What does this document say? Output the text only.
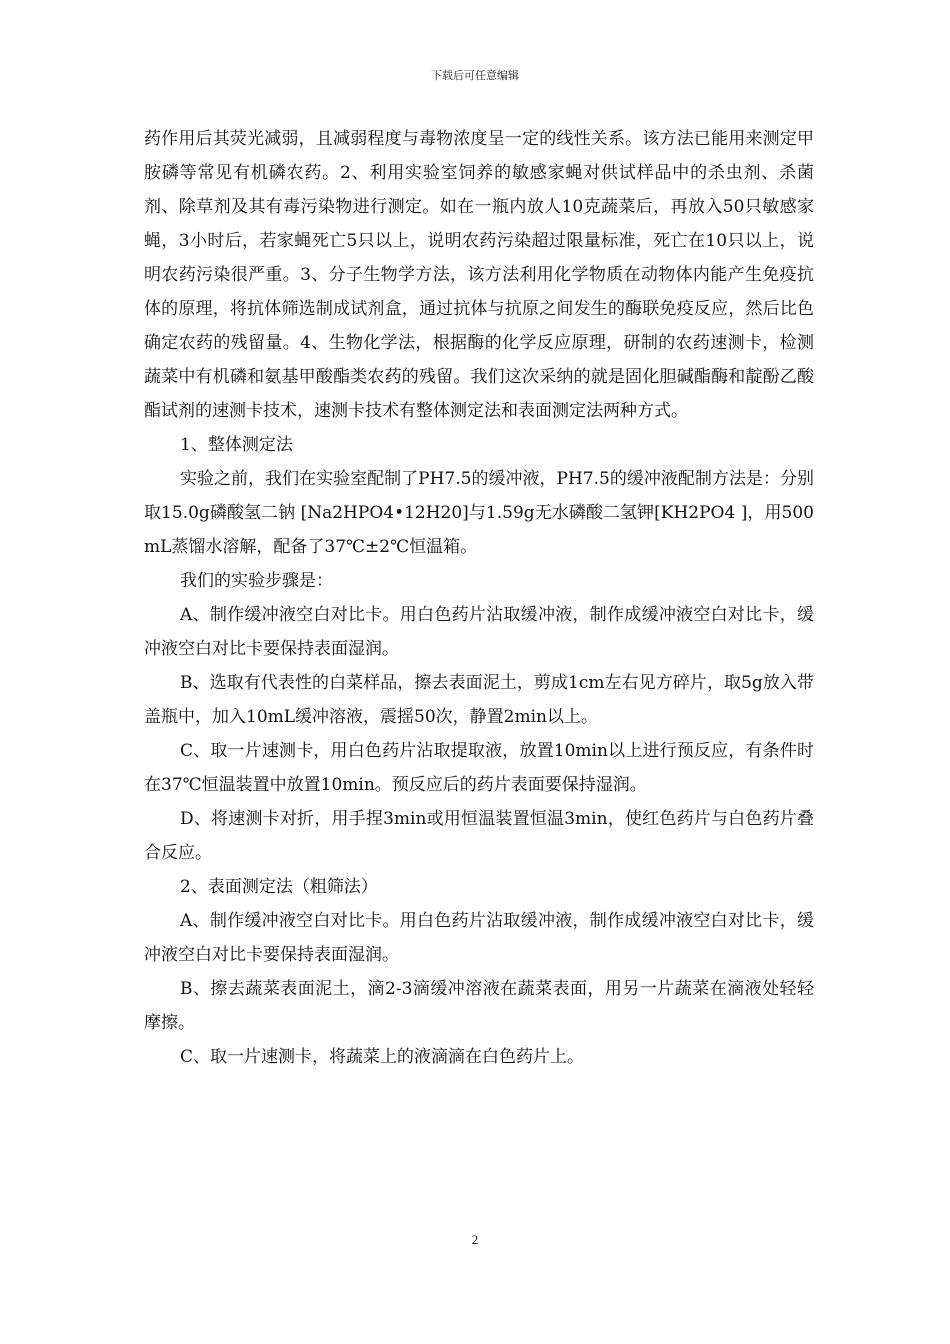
下载后可任意编辑

药作用后其荧光减弱，且减弱程度与毒物浓度呈一定的线性关系。该方法已能用来测定甲胺磷等常见有机磷农药。2、利用实验室饲养的敏感家蝇对供试样品中的杀虫剂、杀菌剂、除草剂及其有毒污染物进行测定。如在一瓶内放人10克蔬菜后，再放入50只敏感家蝇，3小时后，若家蝇死亡5只以上，说明农药污染超过限量标准，死亡在10只以上，说明农药污染很严重。3、分子生物学方法，该方法利用化学物质在动物体内能产生免疫抗体的原理，将抗体筛选制成试剂盒，通过抗体与抗原之间发生的酶联免疫反应，然后比色确定农药的残留量。4、生物化学法，根据酶的化学反应原理，研制的农药速测卡，检测蔬菜中有机磷和氨基甲酸酯类农药的残留。我们这次采纳的就是固化胆碱酯酶和靛酚乙酸酯试剂的速测卡技术，速测卡技术有整体测定法和表面测定法两种方式。

1、整体测定法

实验之前，我们在实验室配制了PH7.5的缓冲液，PH7.5的缓冲液配制方法是：分别取15.0g磷酸氢二钠 [Na2HPO4•12H20]与1.59g无水磷酸二氢钾[KH2PO4 ]，用500mL蒸馏水溶解，配备了37℃±2℃恒温箱。

我们的实验步骤是：

A、制作缓冲液空白对比卡。用白色药片沾取缓冲液，制作成缓冲液空白对比卡，缓冲液空白对比卡要保持表面湿润。

B、选取有代表性的白菜样品，擦去表面泥土，剪成1cm左右见方碎片，取5g放入带盖瓶中，加入10mL缓冲溶液，震摇50次，静置2min以上。

C、取一片速测卡，用白色药片沾取提取液，放置10min以上进行预反应，有条件时在37℃恒温装置中放置10min。预反应后的药片表面要保持湿润。

D、将速测卡对折，用手捏3min或用恒温装置恒温3min，使红色药片与白色药片叠合反应。

2、表面测定法（粗筛法）

A、制作缓冲液空白对比卡。用白色药片沾取缓冲液，制作成缓冲液空白对比卡，缓冲液空白对比卡要保持表面湿润。

B、擦去蔬菜表面泥土，滴2-3滴缓冲溶液在蔬菜表面，用另一片蔬菜在滴液处轻轻摩擦。

C、取一片速测卡，将蔬菜上的液滴滴在白色药片上。

2
